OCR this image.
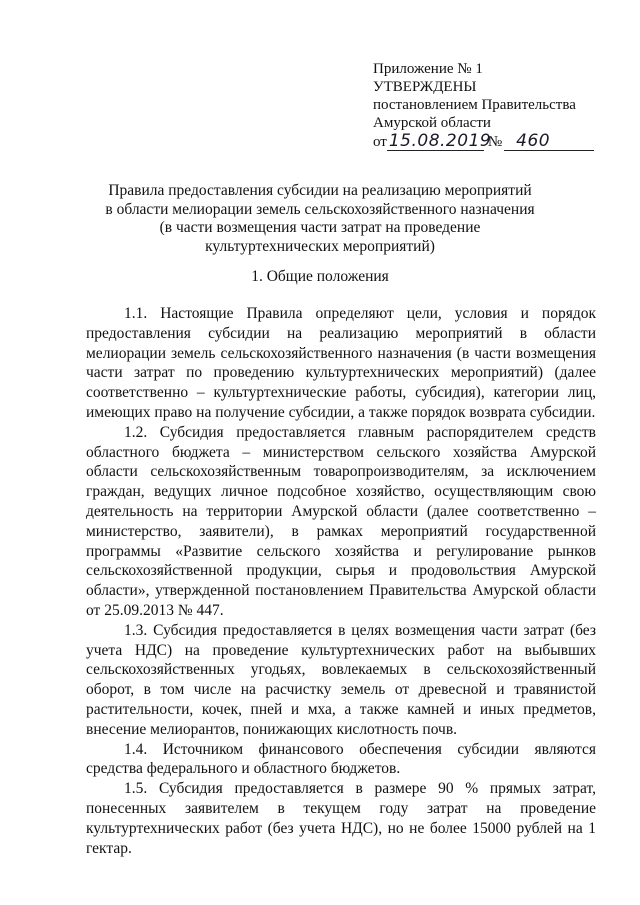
Приложение № 1
УТВЕРЖДЕНЫ
постановлением Правительства
Амурской области
от 15.08.2019
№ 460
Правила предоставления субсидии на реализацию мероприятий
в области мелиорации земель сельскохозяйственного назначения
(в части возмещения части затрат на проведение
культуртехнических мероприятий)
1. Общие положения

1.1. Настоящие Правила определяют цели, условия и порядок предоставления субсидии на реализацию мероприятий в области мелиорации земель сельскохозяйственного назначения (в части возмещения части затрат по проведению культуртехнических мероприятий) (далее соответственно – культуртехнические работы, субсидия), категории лиц, имеющих право на получение субсидии, а также порядок возврата субсидии.

1.2. Субсидия предоставляется главным распорядителем средств областного бюджета – министерством сельского хозяйства Амурской области сельскохозяйственным товаропроизводителям, за исключением граждан, ведущих личное подсобное хозяйство, осуществляющим свою деятельность на территории Амурской области (далее соответственно – министерство, заявители), в рамках мероприятий государственной программы «Развитие сельского хозяйства и регулирование рынков сельскохозяйственной продукции, сырья и продовольствия Амурской области», утвержденной постановлением Правительства Амурской области от 25.09.2013 № 447.

1.3. Субсидия предоставляется в целях возмещения части затрат (без учета НДС) на проведение культуртехнических работ на выбывших сельскохозяйственных угодьях, вовлекаемых в сельскохозяйственный оборот, в том числе на расчистку земель от древесной и травянистой растительности, кочек, пней и мха, а также камней и иных предметов, внесение мелиорантов, понижающих кислотность почв.

1.4. Источником финансового обеспечения субсидии являются средства федерального и областного бюджетов.

1.5. Субсидия предоставляется в размере 90 % прямых затрат, понесенных заявителем в текущем году затрат на проведение культуртехнических работ (без учета НДС), но не более 15000 рублей на 1 гектар.
